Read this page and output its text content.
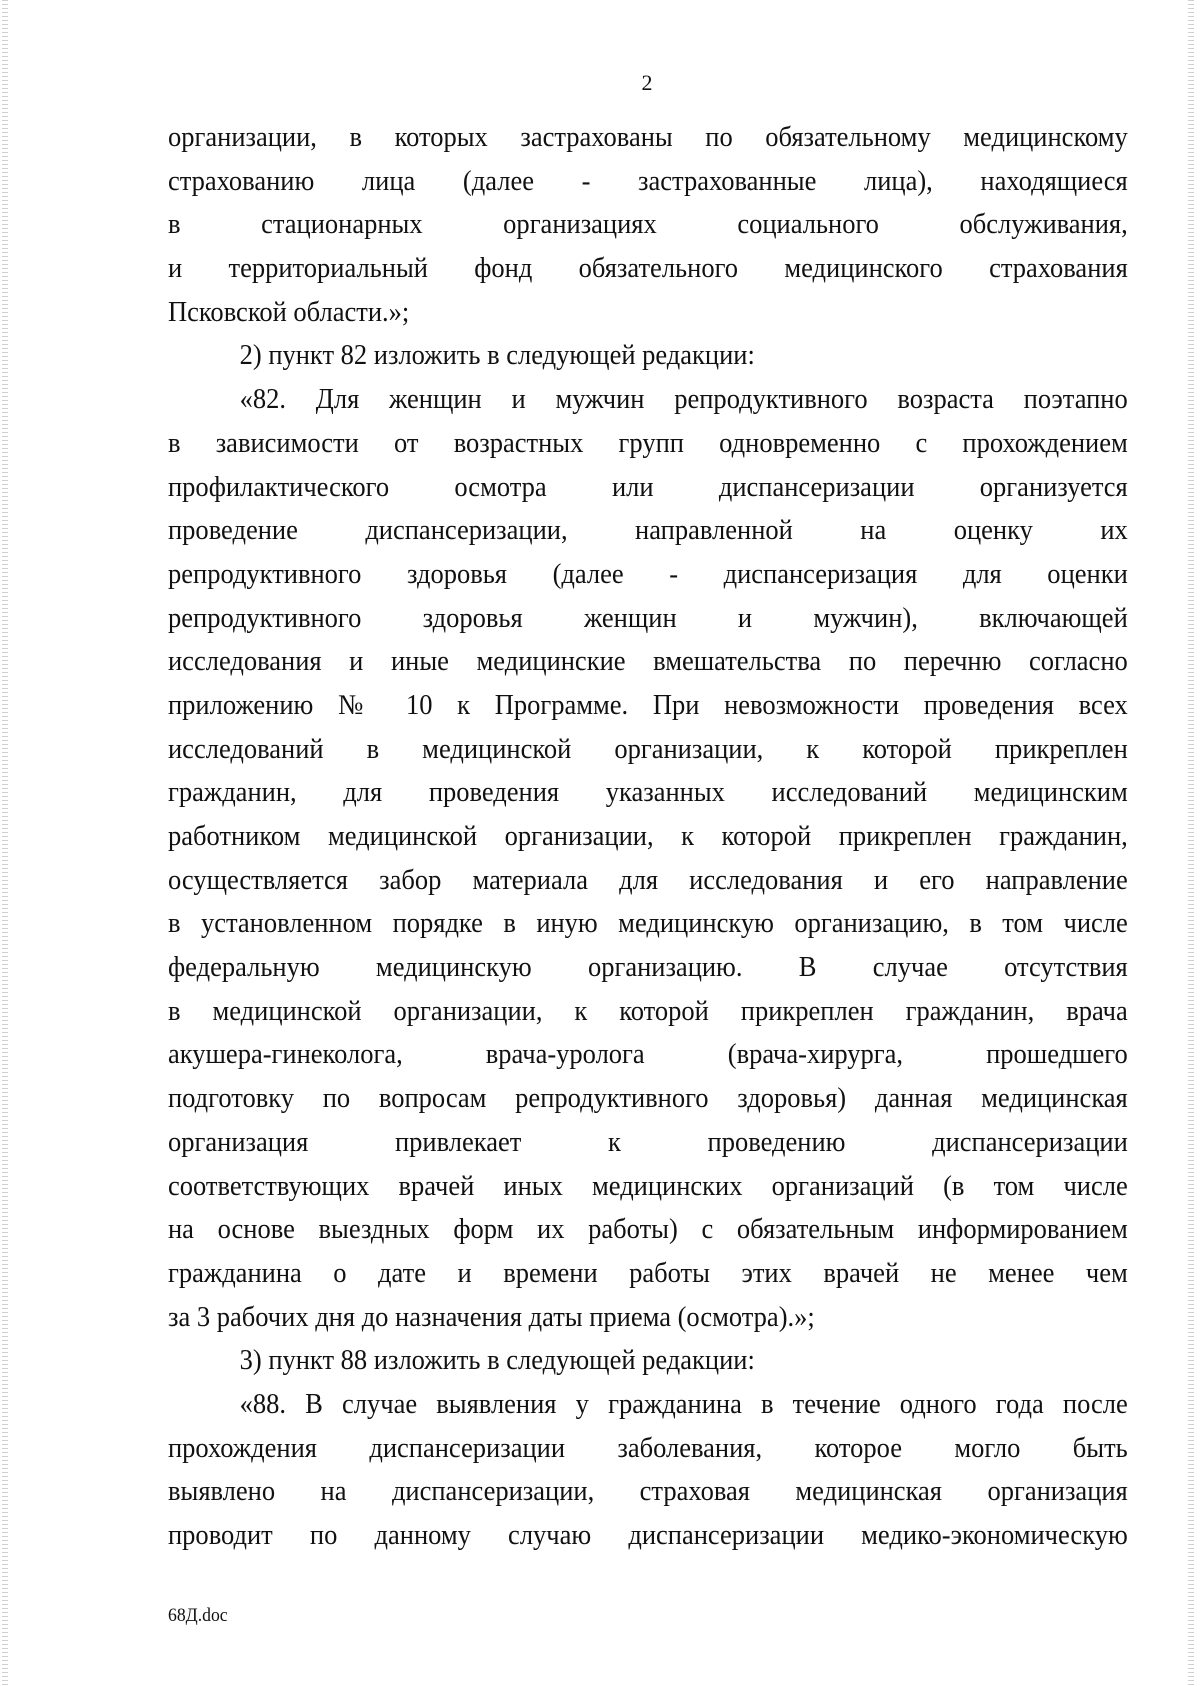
2
организации, в которых застрахованы по обязательному медицинскому
страхованию лица (далее - застрахованные лица), находящиеся
в стационарных организациях социального обслуживания,
и территориальный фонд обязательного медицинского страхования
Псковской области.»;
2) пункт 82 изложить в следующей редакции:
«82. Для женщин и мужчин репродуктивного возраста поэтапно
в зависимости от возрастных групп одновременно с прохождением
профилактического осмотра или диспансеризации организуется
проведение диспансеризации, направленной на оценку их
репродуктивного здоровья (далее - диспансеризация для оценки
репродуктивного здоровья женщин и мужчин), включающей
исследования и иные медицинские вмешательства по перечню согласно
приложению № 10 к Программе. При невозможности проведения всех
исследований в медицинской организации, к которой прикреплен
гражданин, для проведения указанных исследований медицинским
работником медицинской организации, к которой прикреплен гражданин,
осуществляется забор материала для исследования и его направление
в установленном порядке в иную медицинскую организацию, в том числе
федеральную медицинскую организацию. В случае отсутствия
в медицинской организации, к которой прикреплен гражданин, врача
акушера-гинеколога, врача-уролога (врача-хирурга, прошедшего
подготовку по вопросам репродуктивного здоровья) данная медицинская
организация привлекает к проведению диспансеризации
соответствующих врачей иных медицинских организаций (в том числе
на основе выездных форм их работы) с обязательным информированием
гражданина о дате и времени работы этих врачей не менее чем
за 3 рабочих дня до назначения даты приема (осмотра).»;
3) пункт 88 изложить в следующей редакции:
«88. В случае выявления у гражданина в течение одного года после
прохождения диспансеризации заболевания, которое могло быть
выявлено на диспансеризации, страховая медицинская организация
проводит по данному случаю диспансеризации медико-экономическую
68Д.doc
